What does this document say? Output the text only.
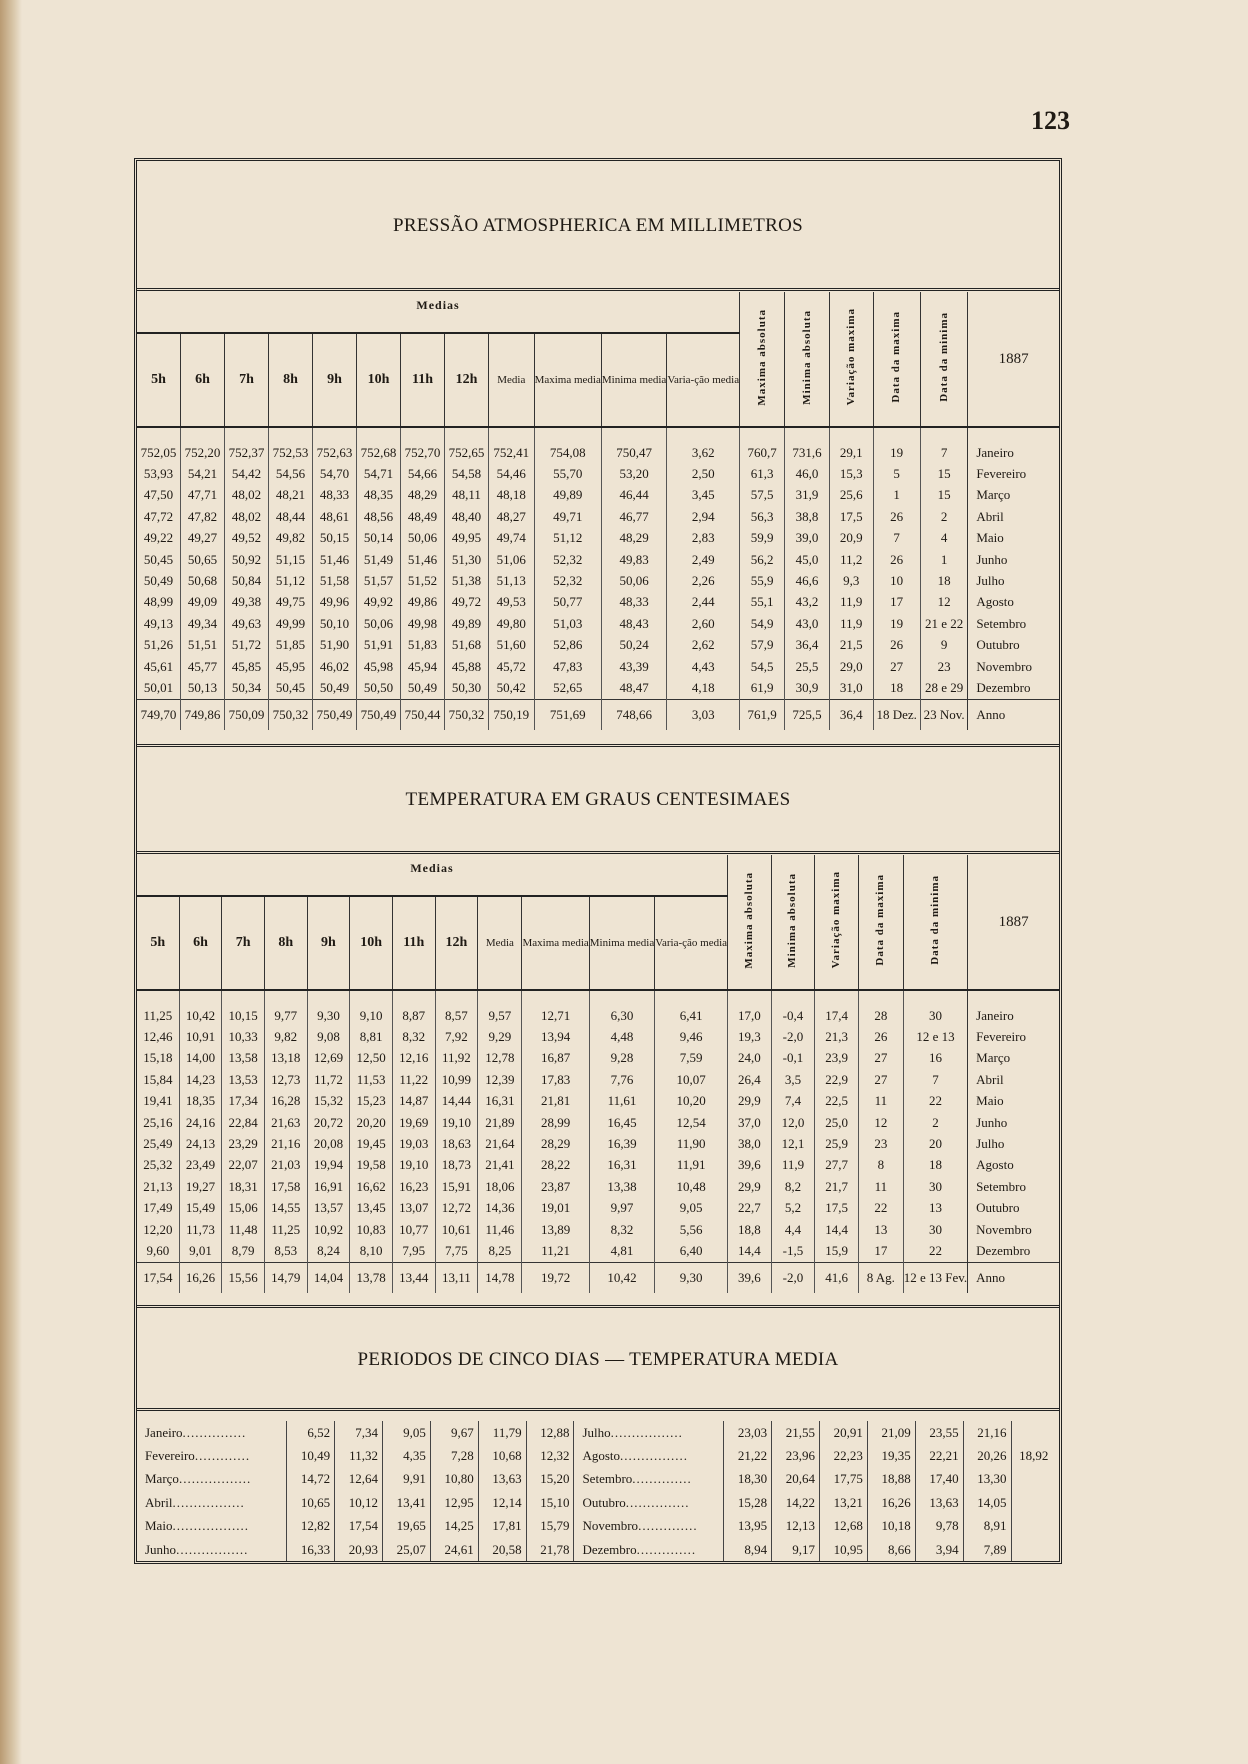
123
PRESSÃO ATMOSPHERICA EM MILLIMETROS
Medias												Maxima absoluta	Minima absoluta	Variação maxima	Data da maxima	Data da minima	1887
5h	6h	7h	8h	9h	10h	11h	12h	Media	Maxima media	Minima media	Varia-ção media						

752,05	752,20	752,37	752,53	752,63	752,68	752,70	752,65	752,41	754,08	750,47	3,62	760,7	731,6	29,1	19	7	Janeiro
53,93	54,21	54,42	54,56	54,70	54,71	54,66	54,58	54,46	55,70	53,20	2,50	61,3	46,0	15,3	5	15	Fevereiro
47,50	47,71	48,02	48,21	48,33	48,35	48,29	48,11	48,18	49,89	46,44	3,45	57,5	31,9	25,6	1	15	Março
47,72	47,82	48,02	48,44	48,61	48,56	48,49	48,40	48,27	49,71	46,77	2,94	56,3	38,8	17,5	26	2	Abril
49,22	49,27	49,52	49,82	50,15	50,14	50,06	49,95	49,74	51,12	48,29	2,83	59,9	39,0	20,9	7	4	Maio
50,45	50,65	50,92	51,15	51,46	51,49	51,46	51,30	51,06	52,32	49,83	2,49	56,2	45,0	11,2	26	1	Junho
50,49	50,68	50,84	51,12	51,58	51,57	51,52	51,38	51,13	52,32	50,06	2,26	55,9	46,6	9,3	10	18	Julho
48,99	49,09	49,38	49,75	49,96	49,92	49,86	49,72	49,53	50,77	48,33	2,44	55,1	43,2	11,9	17	12	Agosto
49,13	49,34	49,63	49,99	50,10	50,06	49,98	49,89	49,80	51,03	48,43	2,60	54,9	43,0	11,9	19	21 e 22	Setembro
51,26	51,51	51,72	51,85	51,90	51,91	51,83	51,68	51,60	52,86	50,24	2,62	57,9	36,4	21,5	26	9	Outubro
45,61	45,77	45,85	45,95	46,02	45,98	45,94	45,88	45,72	47,83	43,39	4,43	54,5	25,5	29,0	27	23	Novembro
50,01	50,13	50,34	50,45	50,49	50,50	50,49	50,30	50,42	52,65	48,47	4,18	61,9	30,9	31,0	18	28 e 29	Dezembro
749,70	749,86	750,09	750,32	750,49	750,49	750,44	750,32	750,19	751,69	748,66	3,03	761,9	725,5	36,4	18 Dez.	23 Nov.	Anno
TEMPERATURA EM GRAUS CENTESIMAES
Medias												Maxima absoluta	Minima absoluta	Variação maxima	Data da maxima	Data da minima	1887
5h	6h	7h	8h	9h	10h	11h	12h	Media	Maxima media	Minima media	Varia-ção media						

11,25	10,42	10,15	9,77	9,30	9,10	8,87	8,57	9,57	12,71	6,30	6,41	17,0	-0,4	17,4	28	30	Janeiro
12,46	10,91	10,33	9,82	9,08	8,81	8,32	7,92	9,29	13,94	4,48	9,46	19,3	-2,0	21,3	26	12 e 13	Fevereiro
15,18	14,00	13,58	13,18	12,69	12,50	12,16	11,92	12,78	16,87	9,28	7,59	24,0	-0,1	23,9	27	16	Março
15,84	14,23	13,53	12,73	11,72	11,53	11,22	10,99	12,39	17,83	7,76	10,07	26,4	3,5	22,9	27	7	Abril
19,41	18,35	17,34	16,28	15,32	15,23	14,87	14,44	16,31	21,81	11,61	10,20	29,9	7,4	22,5	11	22	Maio
25,16	24,16	22,84	21,63	20,72	20,20	19,69	19,10	21,89	28,99	16,45	12,54	37,0	12,0	25,0	12	2	Junho
25,49	24,13	23,29	21,16	20,08	19,45	19,03	18,63	21,64	28,29	16,39	11,90	38,0	12,1	25,9	23	20	Julho
25,32	23,49	22,07	21,03	19,94	19,58	19,10	18,73	21,41	28,22	16,31	11,91	39,6	11,9	27,7	8	18	Agosto
21,13	19,27	18,31	17,58	16,91	16,62	16,23	15,91	18,06	23,87	13,38	10,48	29,9	8,2	21,7	11	30	Setembro
17,49	15,49	15,06	14,55	13,57	13,45	13,07	12,72	14,36	19,01	9,97	9,05	22,7	5,2	17,5	22	13	Outubro
12,20	11,73	11,48	11,25	10,92	10,83	10,77	10,61	11,46	13,89	8,32	5,56	18,8	4,4	14,4	13	30	Novembro
9,60	9,01	8,79	8,53	8,24	8,10	7,95	7,75	8,25	11,21	4,81	6,40	14,4	-1,5	15,9	17	22	Dezembro
17,54	16,26	15,56	14,79	14,04	13,78	13,44	13,11	14,78	19,72	10,42	9,30	39,6	-2,0	41,6	8 Ag.	12 e 13 Fev.	Anno
PERIODOS DE CINCO DIAS — TEMPERATURA MEDIA
Janeiro...............	6,52	7,34	9,05	9,67	11,79	12,88	Julho.................	23,03	21,55	20,91	21,09	23,55	21,16	
Fevereiro.............	10,49	11,32	4,35	7,28	10,68	12,32	Agosto................	21,22	23,96	22,23	19,35	22,21	20,26	18,92
Março.................	14,72	12,64	9,91	10,80	13,63	15,20	Setembro..............	18,30	20,64	17,75	18,88	17,40	13,30	
Abril.................	10,65	10,12	13,41	12,95	12,14	15,10	Outubro...............	15,28	14,22	13,21	16,26	13,63	14,05	
Maio..................	12,82	17,54	19,65	14,25	17,81	15,79	Novembro..............	13,95	12,13	12,68	10,18	9,78	8,91	
Junho.................	16,33	20,93	25,07	24,61	20,58	21,78	Dezembro..............	8,94	9,17	10,95	8,66	3,94	7,89	
